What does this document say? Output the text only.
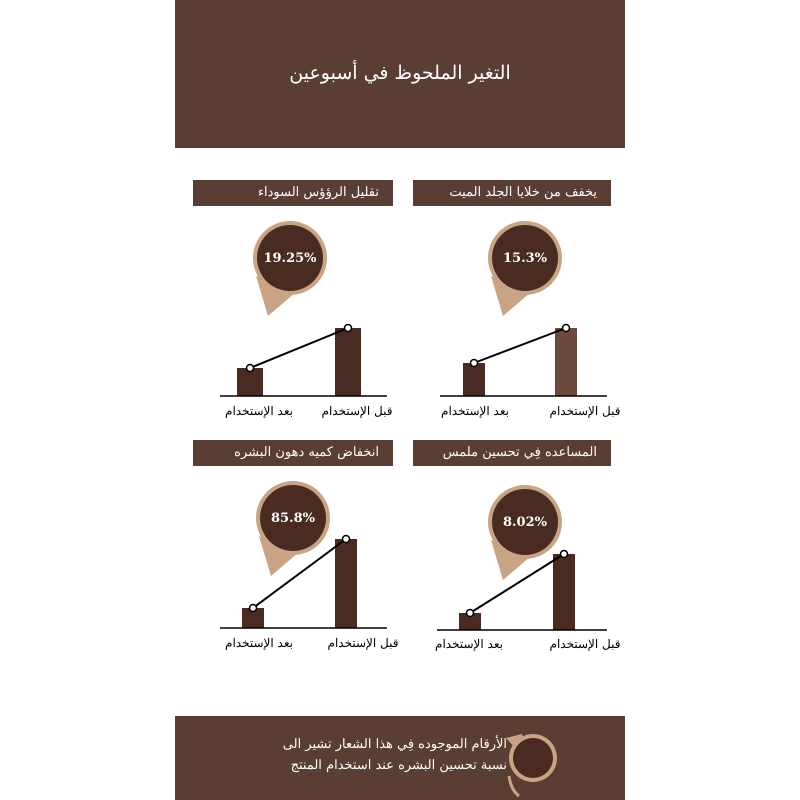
التغير الملحوظ في أسبوعين
تقليل الرؤؤس السوداء	يخفف من خلايا الجلد الميت
انخفاض كميه دهون البشره	المساعده فِي تحسين ملمس البشره
19.25%
بعد الإستخدام قبل الإستخدام
15.3%
بعد الإستخدام	قبل الإستخدام
85.8%
بعد الإستخدام	قبل الإستخدام
8.02%
بعد الإستخدام	قبل الإستخدام
الأرقام الموجوده فِي هذا الشعار تشير الى
نسبة تحسين البشره عند استخدام المنتج
